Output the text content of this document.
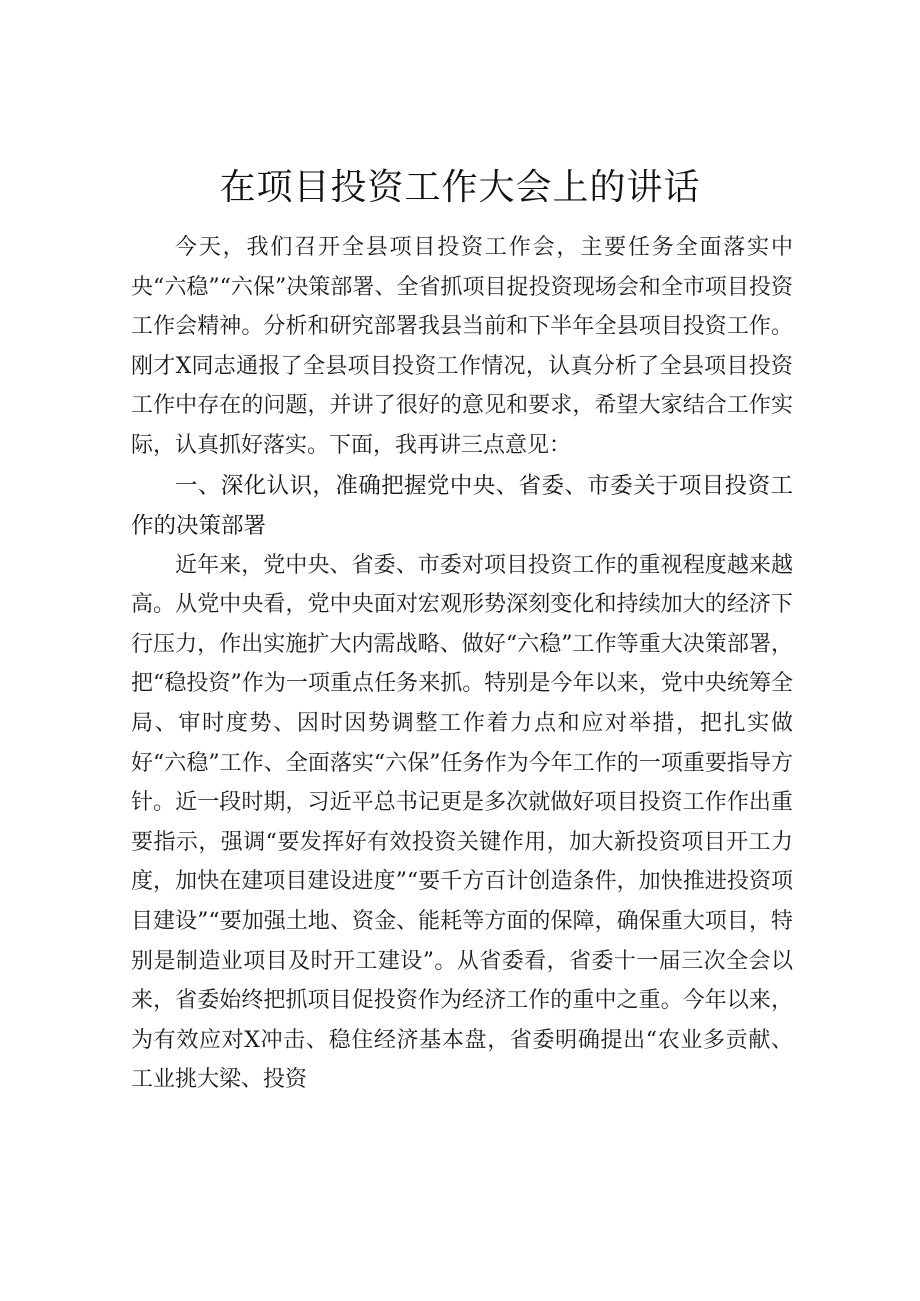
在项目投资工作大会上的讲话

今天，我们召开全县项目投资工作会，主要任务全面落实中央“六稳”“六保”决策部署、全省抓项目捉投资现场会和全市项目投资工作会精神。分析和研究部署我县当前和下半年全县项目投资工作。刚才X同志通报了全县项目投资工作情况，认真分析了全县项目投资工作中存在的问题，并讲了很好的意见和要求，希望大家结合工作实际，认真抓好落实。下面，我再讲三点意见：

一、深化认识，准确把握党中央、省委、市委关于项目投资工作的决策部署

近年来，党中央、省委、市委对项目投资工作的重视程度越来越高。从党中央看，党中央面对宏观形势深刻变化和持续加大的经济下行压力，作出实施扩大内需战略、做好“六稳”工作等重大决策部署，把“稳投资”作为一项重点任务来抓。特别是今年以来，党中央统筹全局、审时度势、因时因势调整工作着力点和应对举措，把扎实做好“六稳”工作、全面落实“六保”任务作为今年工作的一项重要指导方针。近一段时期，习近平总书记更是多次就做好项目投资工作作出重要指示，强调“要发挥好有效投资关键作用，加大新投资项目开工力度，加快在建项目建设进度”“要千方百计创造条件，加快推进投资项目建设”“要加强土地、资金、能耗等方面的保障，确保重大项目，特别是制造业项目及时开工建设”。从省委看，省委十一届三次全会以来，省委始终把抓项目促投资作为经济工作的重中之重。今年以来，为有效应对X冲击、稳住经济基本盘，省委明确提出“农业多贡献、工业挑大梁、投资
